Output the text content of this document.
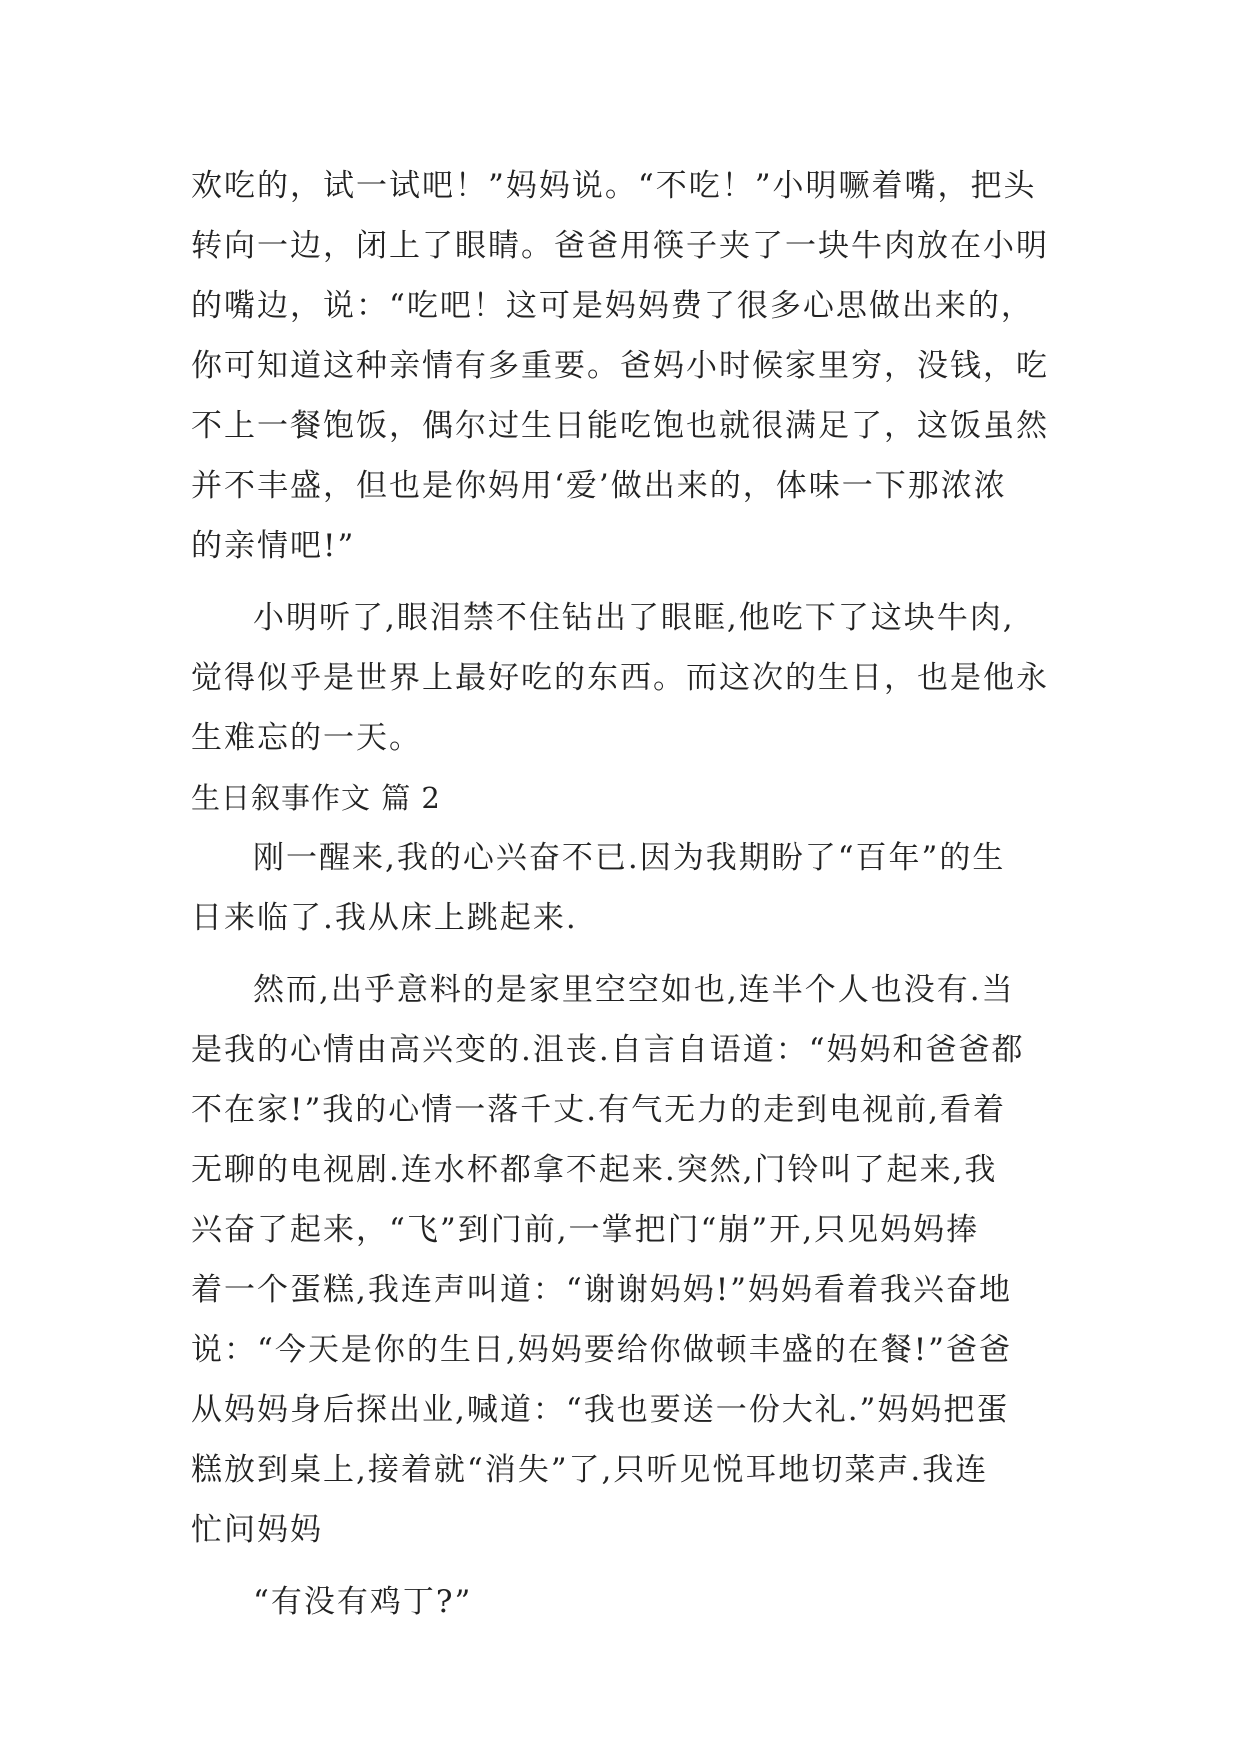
欢吃的，试一试吧！”妈妈说。“不吃！”小明噘着嘴，把头
转向一边，闭上了眼睛。爸爸用筷子夹了一块牛肉放在小明
的嘴边，说：“吃吧！这可是妈妈费了很多心思做出来的，
你可知道这种亲情有多重要。爸妈小时候家里穷，没钱，吃
不上一餐饱饭，偶尔过生日能吃饱也就很满足了，这饭虽然
并不丰盛，但也是你妈用‘爱’做出来的，体味一下那浓浓
的亲情吧!”
小明听了,眼泪禁不住钻出了眼眶,他吃下了这块牛肉,
觉得似乎是世界上最好吃的东西。而这次的生日，也是他永
生难忘的一天。
生日叙事作文 篇 2
刚一醒来,我的心兴奋不已.因为我期盼了“百年”的生
日来临了.我从床上跳起来.
然而,出乎意料的是家里空空如也,连半个人也没有.当
是我的心情由高兴变的.沮丧.自言自语道：“妈妈和爸爸都
不在家!”我的心情一落千丈.有气无力的走到电视前,看着
无聊的电视剧.连水杯都拿不起来.突然,门铃叫了起来,我
兴奋了起来，“飞”到门前,一掌把门“崩”开,只见妈妈捧
着一个蛋糕,我连声叫道：“谢谢妈妈!”妈妈看着我兴奋地
说：“今天是你的生日,妈妈要给你做顿丰盛的在餐!”爸爸
从妈妈身后探出业,喊道：“我也要送一份大礼.”妈妈把蛋
糕放到桌上,接着就“消失”了,只听见悦耳地切菜声.我连
忙问妈妈
“有没有鸡丁?”
